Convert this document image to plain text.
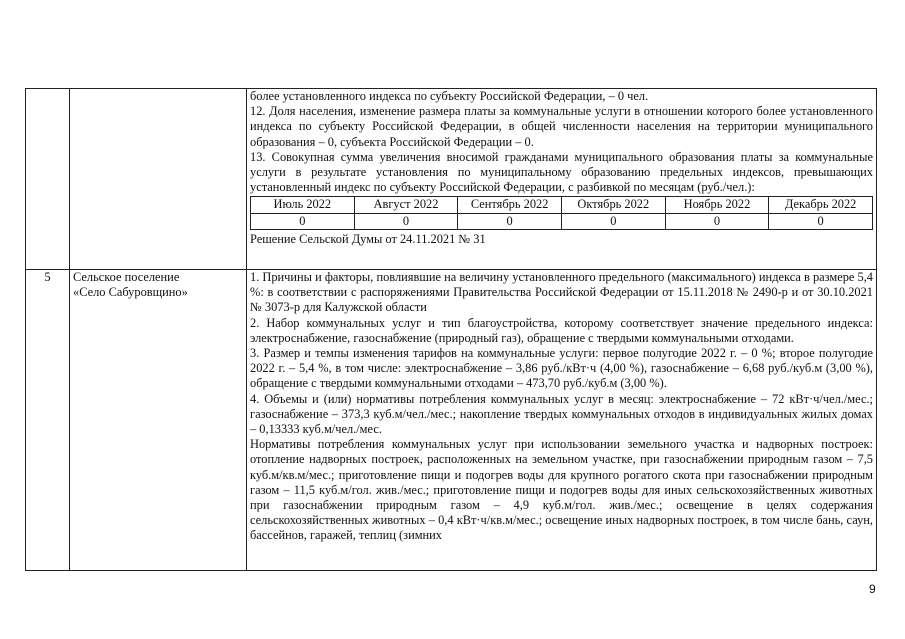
более установленного индекса по субъекту Российской Федерации, – 0 чел.

12. Доля населения, изменение размера платы за коммунальные услуги в отношении которого более установленного индекса по субъекту Российской Федерации, в общей численности населения на территории муниципального образования – 0, субъекта Российской Федерации – 0.

13. Совокупная сумма увеличения вносимой гражданами муниципального образования платы за коммунальные услуги в результате установления по муниципальному образованию предельных индексов, превышающих установленный индекс по субъекту Российской Федерации, с разбивкой по месяцам (руб./чел.):

Июль 2022	Август 2022	Сентябрь 2022	Октябрь 2022	Ноябрь 2022	Декабрь 2022
0	0	0	0	0	0

Решение Сельской Думы от 24.11.2021 № 31

5	Сельское поселение
«Село Сабуровщино»

1. Причины и факторы, повлиявшие на величину установленного предельного (максимального) индекса в размере 5,4 %: в соответствии с распоряжениями Правительства Российской Федерации от 15.11.2018 № 2490-р и от 30.10.2021 № 3073-р для Калужской области

2. Набор коммунальных услуг и тип благоустройства, которому соответствует значение предельного индекса: электроснабжение, газоснабжение (природный газ), обращение с твердыми коммунальными отходами.

3. Размер и темпы изменения тарифов на коммунальные услуги: первое полугодие 2022 г. – 0 %; второе полугодие 2022 г. – 5,4 %, в том числе: электроснабжение – 3,86 руб./кВт·ч (4,00 %), газоснабжение – 6,68 руб./куб.м (3,00 %), обращение с твердыми коммунальными отходами – 473,70 руб./куб.м (3,00 %).

4. Объемы и (или) нормативы потребления коммунальных услуг в месяц: электроснабжение – 72 кВт·ч/чел./мес.; газоснабжение – 373,3 куб.м/чел./мес.; накопление твердых коммунальных отходов в индивидуальных жилых домах – 0,13333 куб.м/чел./мес.

Нормативы потребления коммунальных услуг при использовании земельного участка и надворных построек: отопление надворных построек, расположенных на земельном участке, при газоснабжении природным газом – 7,5 куб.м/кв.м/мес.; приготовление пищи и подогрев воды для крупного рогатого скота при газоснабжении природным газом – 11,5 куб.м/гол. жив./мес.; приготовление пищи и подогрев воды для иных сельскохозяйственных животных при газоснабжении природным газом – 4,9 куб.м/гол. жив./мес.; освещение в целях содержания сельскохозяйственных животных – 0,4 кВт·ч/кв.м/мес.; освещение иных надворных построек, в том числе бань, саун, бассейнов, гаражей, теплиц (зимних

9
